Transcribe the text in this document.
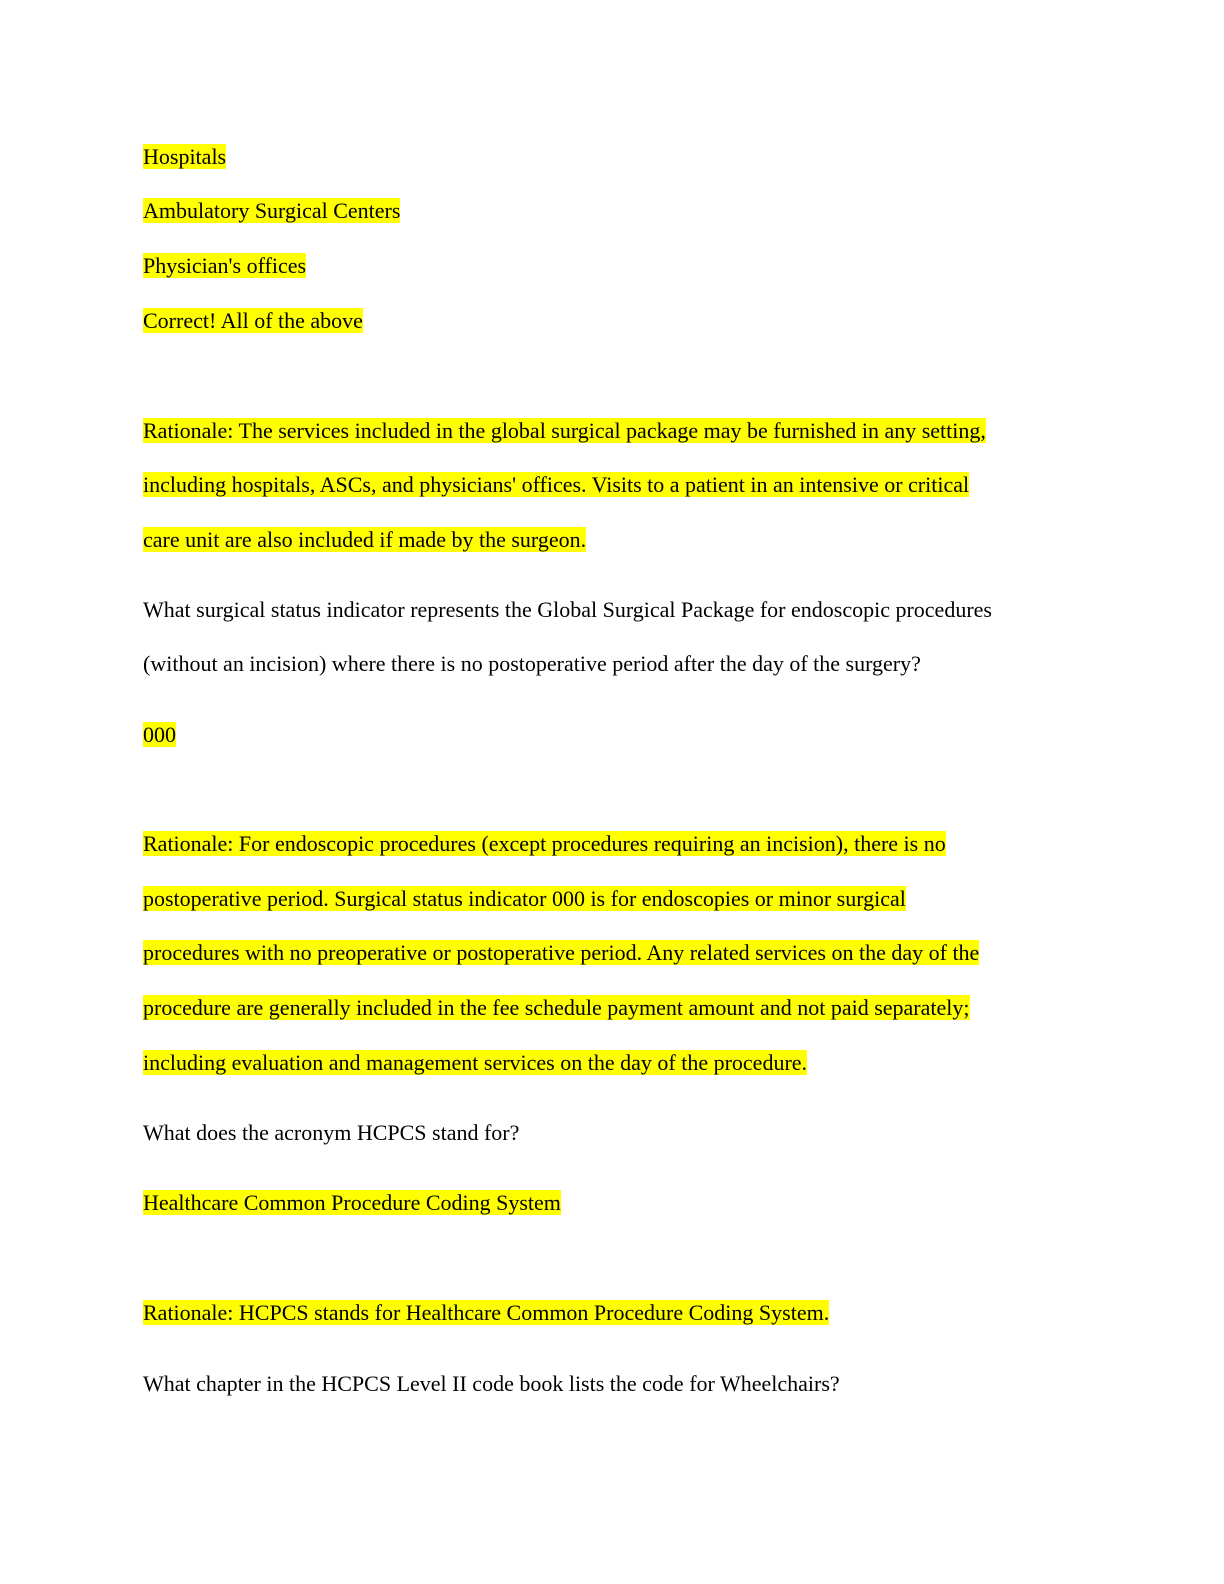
Hospitals
Ambulatory Surgical Centers
Physician's offices
Correct! All of the above
Rationale: The services included in the global surgical package may be furnished in any setting,
including hospitals, ASCs, and physicians' offices. Visits to a patient in an intensive or critical
care unit are also included if made by the surgeon.
What surgical status indicator represents the Global Surgical Package for endoscopic procedures
(without an incision) where there is no postoperative period after the day of the surgery?
000
Rationale: For endoscopic procedures (except procedures requiring an incision), there is no
postoperative period. Surgical status indicator 000 is for endoscopies or minor surgical
procedures with no preoperative or postoperative period. Any related services on the day of the
procedure are generally included in the fee schedule payment amount and not paid separately;
including evaluation and management services on the day of the procedure.
What does the acronym HCPCS stand for?
Healthcare Common Procedure Coding System
Rationale: HCPCS stands for Healthcare Common Procedure Coding System.
What chapter in the HCPCS Level II code book lists the code for Wheelchairs?
